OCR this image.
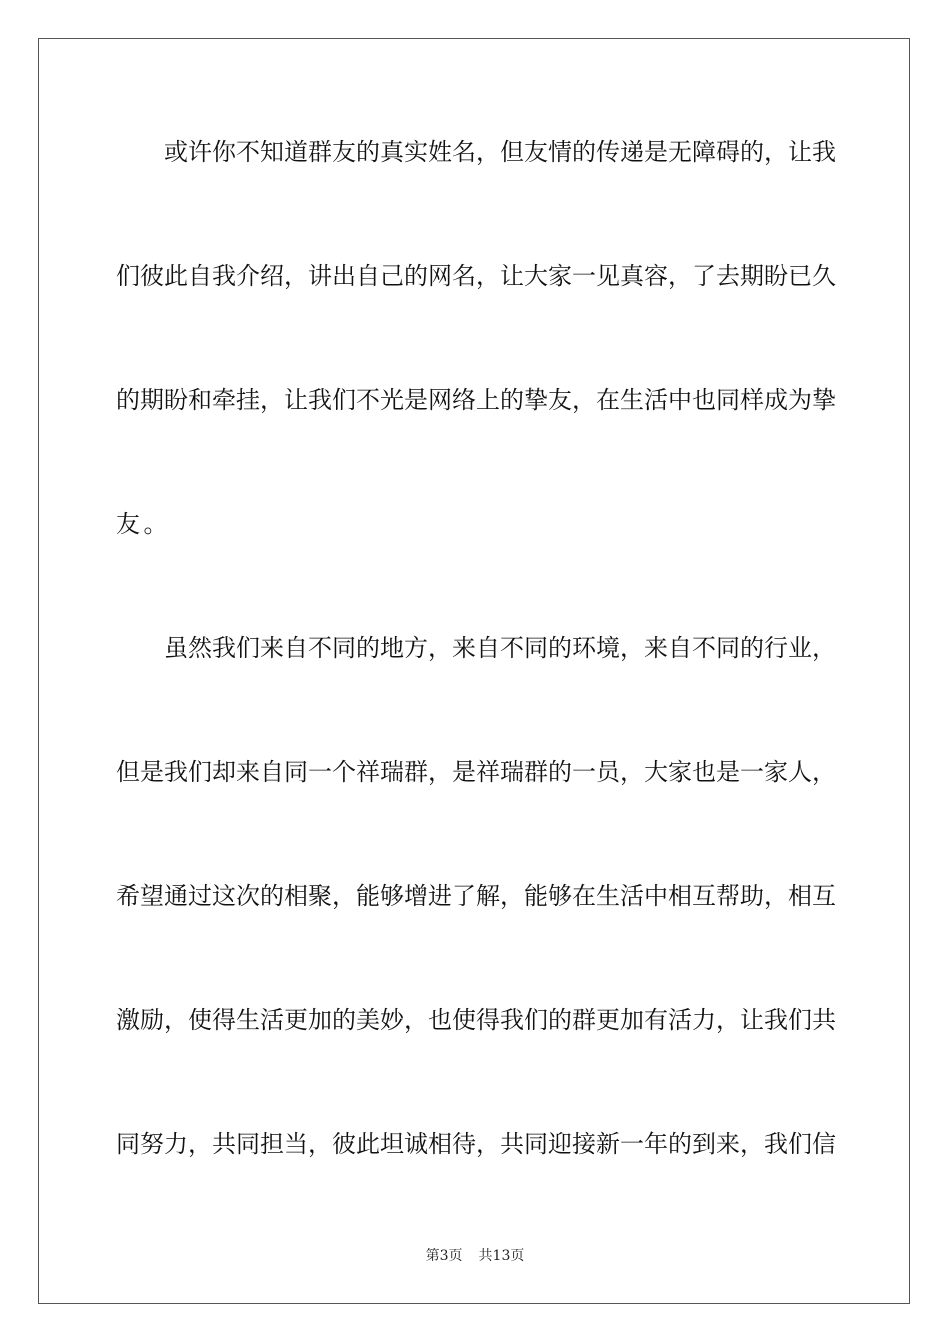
或许你不知道群友的真实姓名，但友情的传递是无障碍的，让我
们彼此自我介绍，讲出自己的网名，让大家一见真容，了去期盼已久
的期盼和牵挂，让我们不光是网络上的挚友，在生活中也同样成为挚
友。
虽然我们来自不同的地方，来自不同的环境，来自不同的行业，
但是我们却来自同一个祥瑞群，是祥瑞群的一员，大家也是一家人，
希望通过这次的相聚，能够增进了解，能够在生活中相互帮助，相互
激励，使得生活更加的美妙，也使得我们的群更加有活力，让我们共
同努力，共同担当，彼此坦诚相待，共同迎接新一年的到来，我们信
第3页 共13页
